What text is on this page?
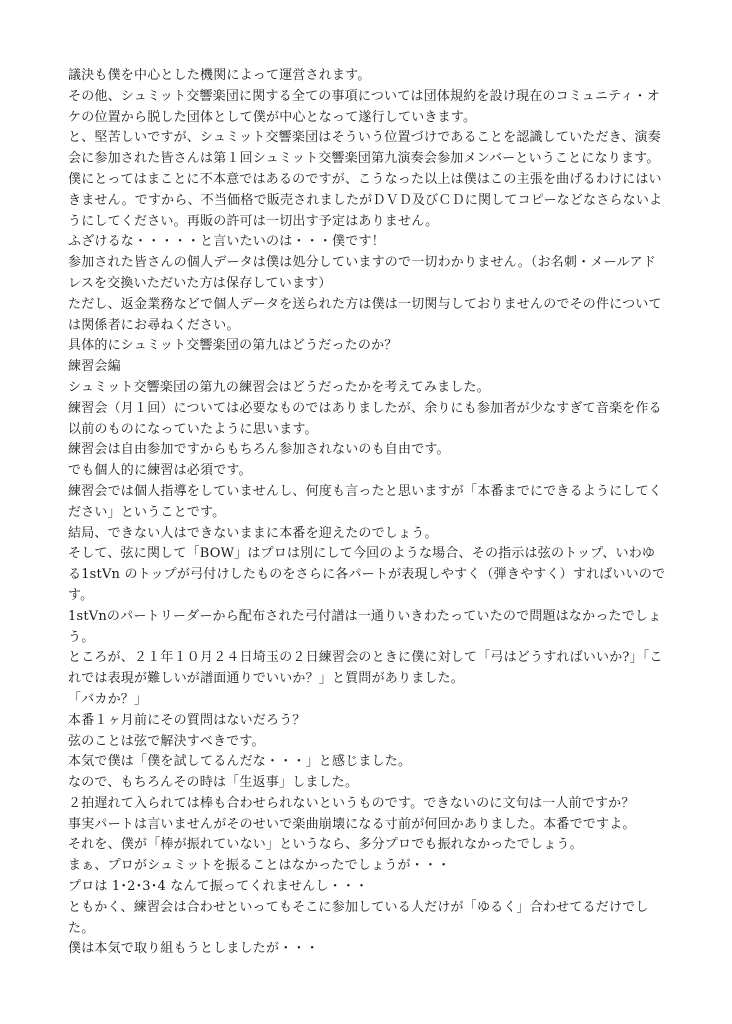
議決も僕を中心とした機関によって運営されます。

その他、シュミット交響楽団に関する全ての事項については団体規約を設け現在のコミュニティ・オケの位置から脱した団体として僕が中心となって遂行していきます。

と、堅苦しいですが、シュミット交響楽団はそういう位置づけであることを認識していただき、演奏会に参加された皆さんは第１回シュミット交響楽団第九演奏会参加メンバーということになります。

僕にとってはまことに不本意ではあるのですが、こうなった以上は僕はこの主張を曲げるわけにはいきません。ですから、不当価格で販売されましたがＤＶＤ及びＣＤに関してコピーなどなさらないようにしてください。再販の許可は一切出す予定はありません。

ふざけるな・・・・・と言いたいのは・・・僕です！

参加された皆さんの個人データは僕は処分していますので一切わかりません。（お名刺・メールアドレスを交換いただいた方は保存しています）

ただし、返金業務などで個人データを送られた方は僕は一切関与しておりませんのでその件については関係者にお尋ねください。

具体的にシュミット交響楽団の第九はどうだったのか？

練習会編

シュミット交響楽団の第九の練習会はどうだったかを考えてみました。

練習会（月１回）については必要なものではありましたが、余りにも参加者が少なすぎて音楽を作る以前のものになっていたように思います。

練習会は自由参加ですからもちろん参加されないのも自由です。

でも個人的に練習は必須です。

練習会では個人指導をしていませんし、何度も言ったと思いますが「本番までにできるようにしてください」ということです。

結局、できない人はできないままに本番を迎えたのでしょう。

そして、弦に関して「BOW」はプロは別にして今回のような場合、その指示は弦のトップ、いわゆる1stVn のトップが弓付けしたものをさらに各パートが表現しやすく（弾きやすく）すればいいのです。

1stVnのパートリーダーから配布された弓付譜は一通りいきわたっていたので問題はなかったでしょう。

ところが、２１年１０月２４日埼玉の２日練習会のときに僕に対して「弓はどうすればいいか?」「これでは表現が難しいが譜面通りでいいか？」と質問がありました。

「バカか？」

本番１ヶ月前にその質問はないだろう？

弦のことは弦で解決すべきです。

本気で僕は「僕を試してるんだな・・・」と感じました。

なので、もちろんその時は「生返事」しました。

２拍遅れて入られては棒も合わせられないというものです。できないのに文句は一人前ですか？

事実パートは言いませんがそのせいで楽曲崩壊になる寸前が何回かありました。本番でですよ。

それを、僕が「棒が振れていない」というなら、多分プロでも振れなかったでしょう。

まぁ、プロがシュミットを振ることはなかったでしょうが・・・

プロは 1･2･3･4 なんて振ってくれませんし・・・

ともかく、練習会は合わせといってもそこに参加している人だけが「ゆるく」合わせてるだけでした。

僕は本気で取り組もうとしましたが・・・
